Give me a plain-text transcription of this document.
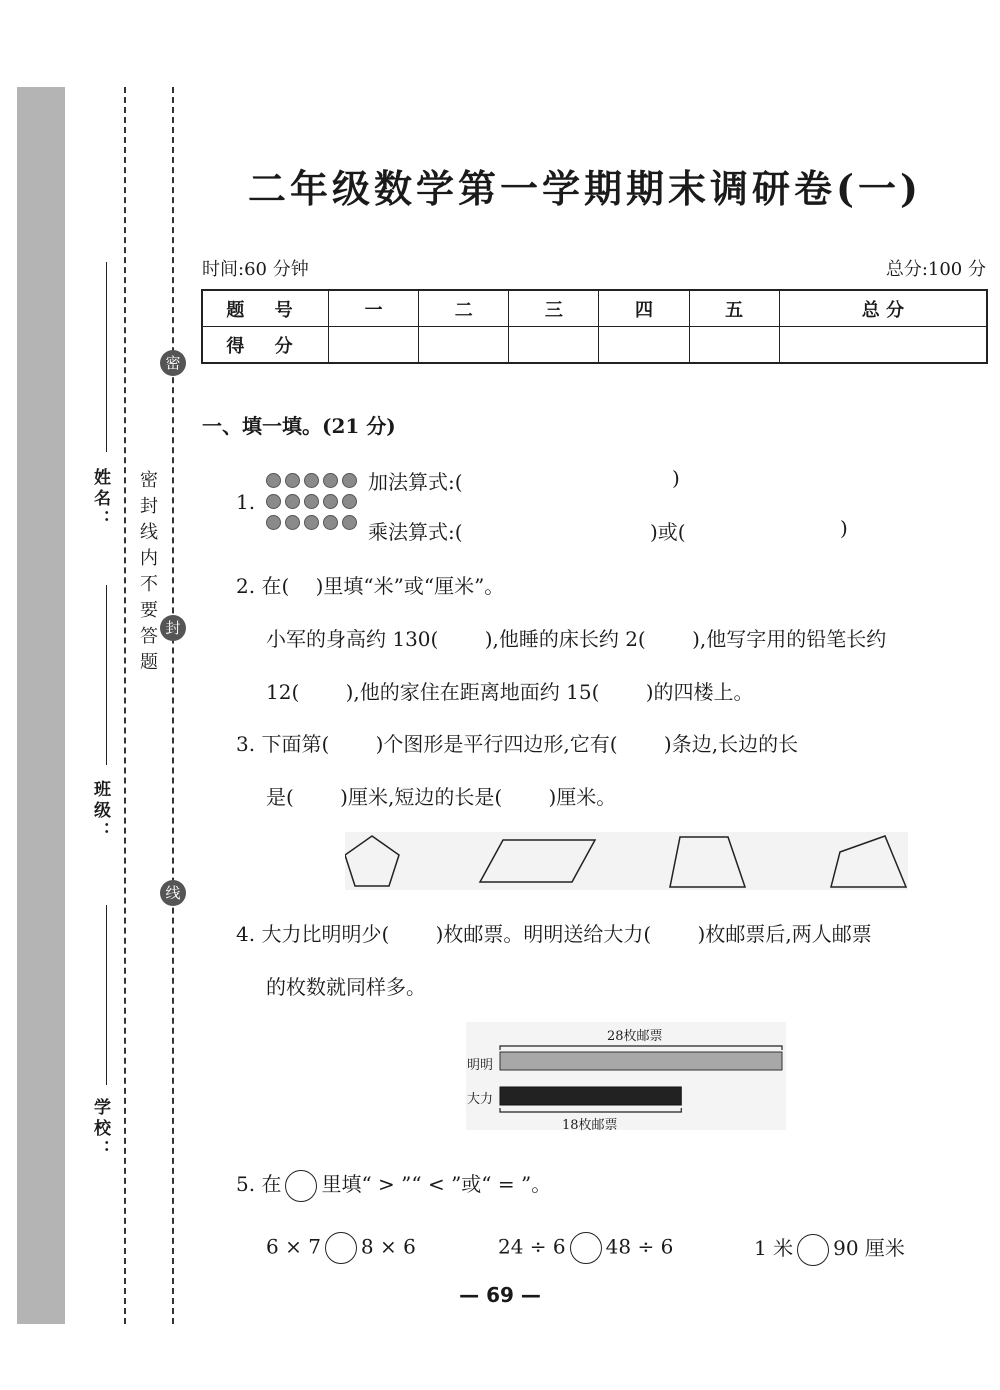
密
封
线
密封线内不要答题
姓名：
班级：
学校：
二年级数学第一学期期末调研卷(一)
时间:60 分钟	总分:100 分
题 号	一	二	三	四	五	总 分
得 分						
一、填一填。(21 分)
1.
加法算式:(	)
乘法算式:(	)或(	)
2. 在(　 )里填“米”或“厘米”。
小军的身高约 130(　　 ),他睡的床长约 2(　　 ),他写字用的铅笔长约
12(　　 ),他的家住在距离地面约 15(　　 )的四楼上。
3. 下面第(　　 )个图形是平行四边形,它有(　　 )条边,长边的长
是(　　 )厘米,短边的长是(　　 )厘米。
4. 大力比明明少(　　 )枚邮票。明明送给大力(　　 )枚邮票后,两人邮票
的枚数就同样多。
28枚邮票
明明
大力
18枚邮票
5. 在 里填“ > ”“ < ”或“ = ”。
6 × 7 8 × 6	24 ÷ 6 48 ÷ 6	1 米 90 厘米
— 69 —
